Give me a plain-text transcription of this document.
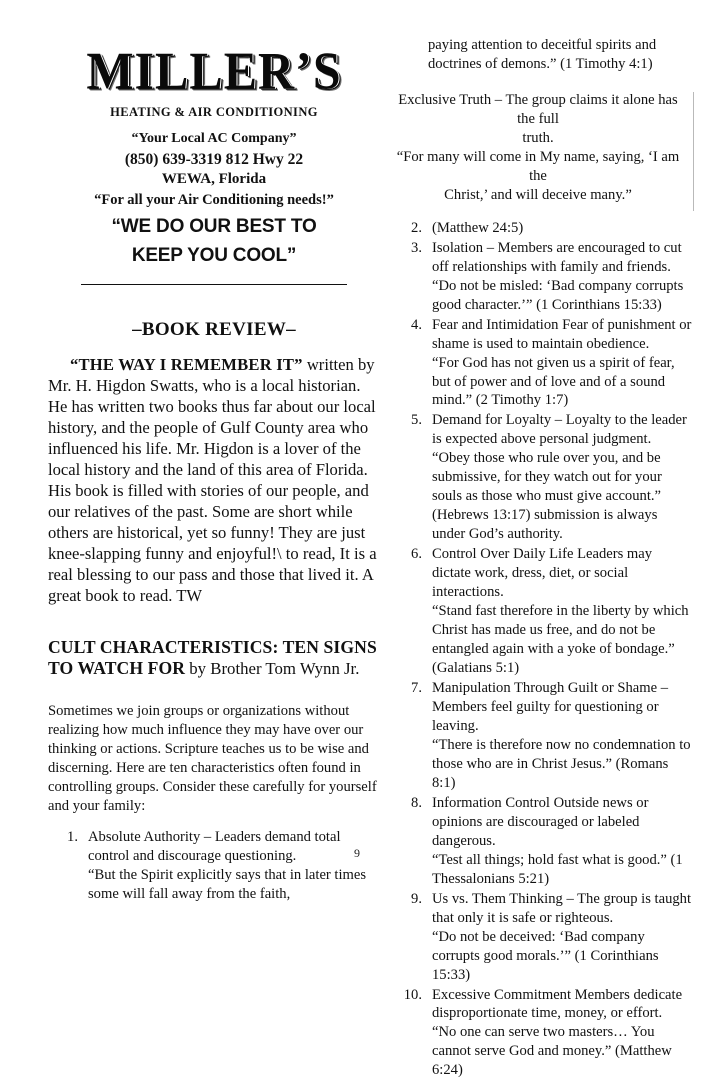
MILLER’S
HEATING & AIR CONDITIONING
“Your Local AC Company”
(850) 639-3319 812 Hwy 22
WEWA, Florida
“For all your Air Conditioning needs!”
“WE DO OUR BEST TO
KEEP YOU COOL”
–BOOK REVIEW–

“THE WAY I REMEMBER IT” written by Mr. H. Higdon Swatts, who is a local historian. He has written two books thus far about our local history, and the people of Gulf County area who influenced his life. Mr. Higdon is a lover of the local history and the land of this area of Florida. His book is filled with stories of our people, and our relatives of the past. Some are short while others are historical, yet so funny! They are just knee-slapping funny and enjoyful!\ to read, It is a real blessing to our pass and those that lived it. A great book to read. TW

CULT CHARACTERISTICS: TEN SIGNS TO WATCH FOR by Brother Tom Wynn Jr.

Sometimes we join groups or organizations without realizing how much influence they may have over our thinking or actions. Scripture teaches us to be wise and discerning. Here are ten characteristics often found in controlling groups. Consider these carefully for yourself and your family:

1. Absolute Authority – Leaders demand total control and discourage questioning.
“But the Spirit explicitly says that in later times some will fall away from the faith,

paying attention to deceitful spirits and doctrines of demons.” (1 Timothy 4:1)

Exclusive Truth – The group claims it alone has the full
truth.
“For many will come in My name, saying, ‘I am the
Christ,’ and will deceive many.”
2. (Matthew 24:5)
3. Isolation – Members are encouraged to cut off relationships with family and friends.
“Do not be misled: ‘Bad company corrupts good character.’” (1 Corinthians 15:33)
4. Fear and Intimidation Fear of punishment or shame is used to maintain obedience.
“For God has not given us a spirit of fear, but of power and of love and of a sound mind.” (2 Timothy 1:7)
5. Demand for Loyalty – Loyalty to the leader is expected above personal judgment.
“Obey those who rule over you, and be submissive, for they watch out for your souls as those who must give account.” (Hebrews 13:17) submission is always under God’s authority.
6. Control Over Daily Life Leaders may dictate work, dress, diet, or social interactions.
“Stand fast therefore in the liberty by which Christ has made us free, and do not be entangled again with a yoke of bondage.” (Galatians 5:1)
7. Manipulation Through Guilt or Shame – Members feel guilty for questioning or leaving.
“There is therefore now no condemnation to those who are in Christ Jesus.” (Romans 8:1)
8. Information Control Outside news or opinions are discouraged or labeled dangerous.
“Test all things; hold fast what is good.” (1 Thessalonians 5:21)
9. Us vs. Them Thinking – The group is taught that only it is safe or righteous.
“Do not be deceived: ‘Bad company corrupts good morals.’” (1 Corinthians 15:33)
10. Excessive Commitment Members dedicate disproportionate time, money, or effort.
“No one can serve two masters… You cannot serve God and money.” (Matthew 6:24)
9
